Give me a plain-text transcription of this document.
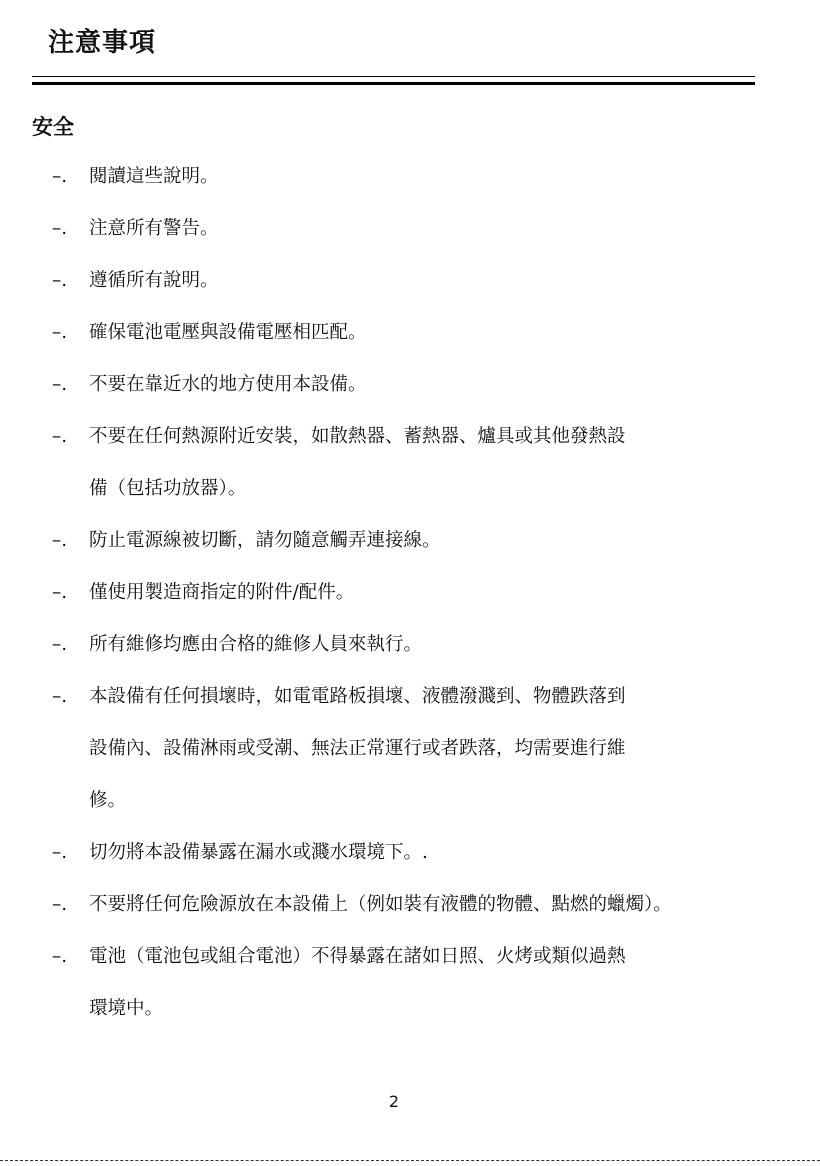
注意事項
安全
–. 閱讀這些說明。
–. 注意所有警告。
–. 遵循所有說明。
–. 確保電池電壓與設備電壓相匹配。
–. 不要在靠近水的地方使用本設備。
–. 不要在任何熱源附近安裝，如散熱器、蓄熱器、爐具或其他發熱設
備（包括功放器）。
–. 防止電源線被切斷，請勿隨意觸弄連接線。
–. 僅使用製造商指定的附件/配件。
–. 所有維修均應由合格的維修人員來執行。
–. 本設備有任何損壞時，如電電路板損壞、液體潑濺到、物體跌落到
設備內、設備淋雨或受潮、無法正常運行或者跌落，均需要進行維
修。
–. 切勿將本設備暴露在漏水或濺水環境下。.
–. 不要將任何危險源放在本設備上（例如裝有液體的物體、點燃的蠟燭）。
–. 電池（電池包或組合電池）不得暴露在諸如日照、火烤或類似過熱
環境中。
2
